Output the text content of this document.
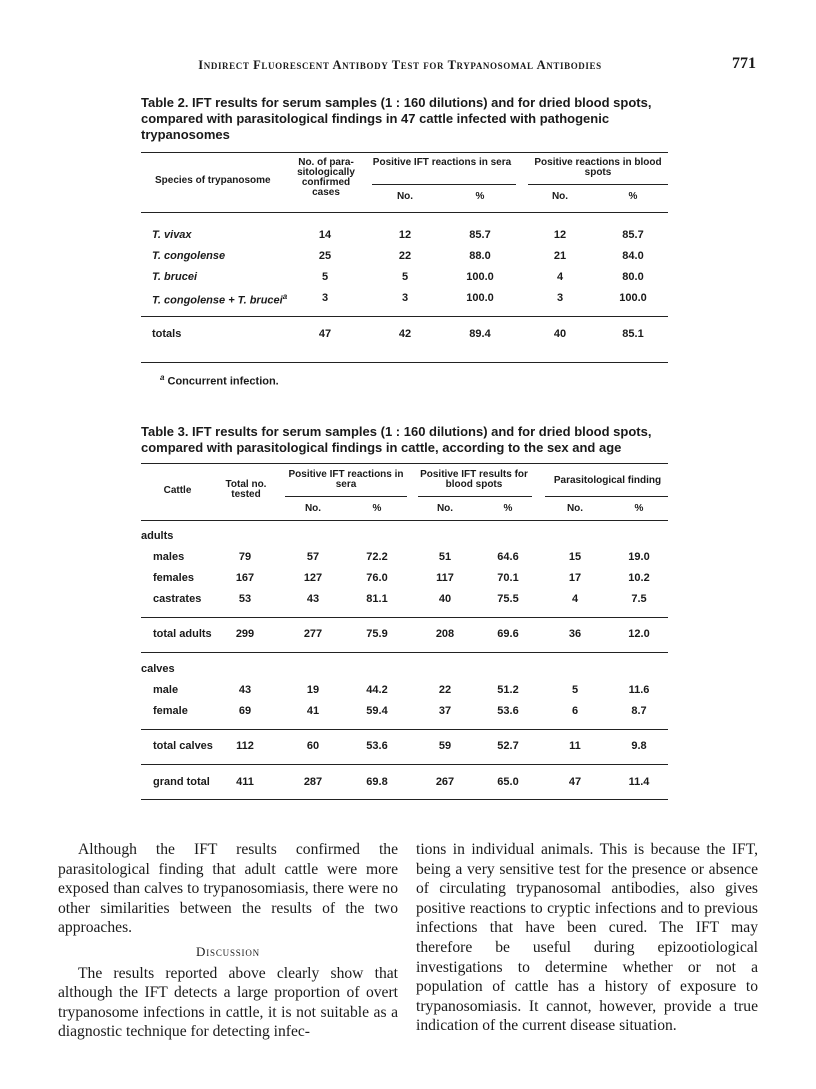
Indirect Fluorescent Antibody Test for Trypanosomal Antibodies	771
Table 2. IFT results for serum samples (1 : 160 dilutions) and for dried blood spots, compared with parasitological findings in 47 cattle infected with pathogenic trypanosomes
Species of trypanosome
No. of para-sitologically confirmed cases
Positive IFT reactions in sera	Positive reactions in blood spots
No.	%	No.	%
T. vivax	14	12	85.7	12	85.7
T. congolense	25	22	88.0	21	84.0
T. brucei	5	5	100.0	4	80.0
T. congolense + T. brucei$^a$	3	3	100.0	3	100.0
totals	47	42	89.4	40	85.1
$^a$ Concurrent infection.
Table 3. IFT results for serum samples (1 : 160 dilutions) and for dried blood spots, compared with parasitological findings in cattle, according to the sex and age
Cattle
Total no. tested
Positive IFT reactions in sera
Positive IFT results for blood spots	Parasitological finding
No.	%	No.	%	No.	%
adults
males	79	57	72.2	51	64.6	15	19.0
females	167	127	76.0	117	70.1	17	10.2
castrates	53	43	81.1	40	75.5	4	7.5
total adults	299	277	75.9	208	69.6	36	12.0
calves
male	43	19	44.2	22	51.2	5	11.6
female	69	41	59.4	37	53.6	6	8.7
total calves	112	60	53.6	59	52.7	11	9.8
grand total	411	287	69.8	267	65.0	47	11.4

Although the IFT results confirmed the parasitological finding that adult cattle were more exposed than calves to trypanosomiasis, there were no other similarities between the results of the two approaches.

Discussion

The results reported above clearly show that although the IFT detects a large proportion of overt trypanosome infections in cattle, it is not suitable as a diagnostic technique for detecting infec-

tions in individual animals. This is because the IFT, being a very sensitive test for the presence or absence of circulating trypanosomal antibodies, also gives positive reactions to cryptic infections and to previous infections that have been cured. The IFT may therefore be useful during epizootiological investigations to determine whether or not a population of cattle has a history of exposure to trypanosomiasis. It cannot, however, provide a true indication of the current disease situation.
